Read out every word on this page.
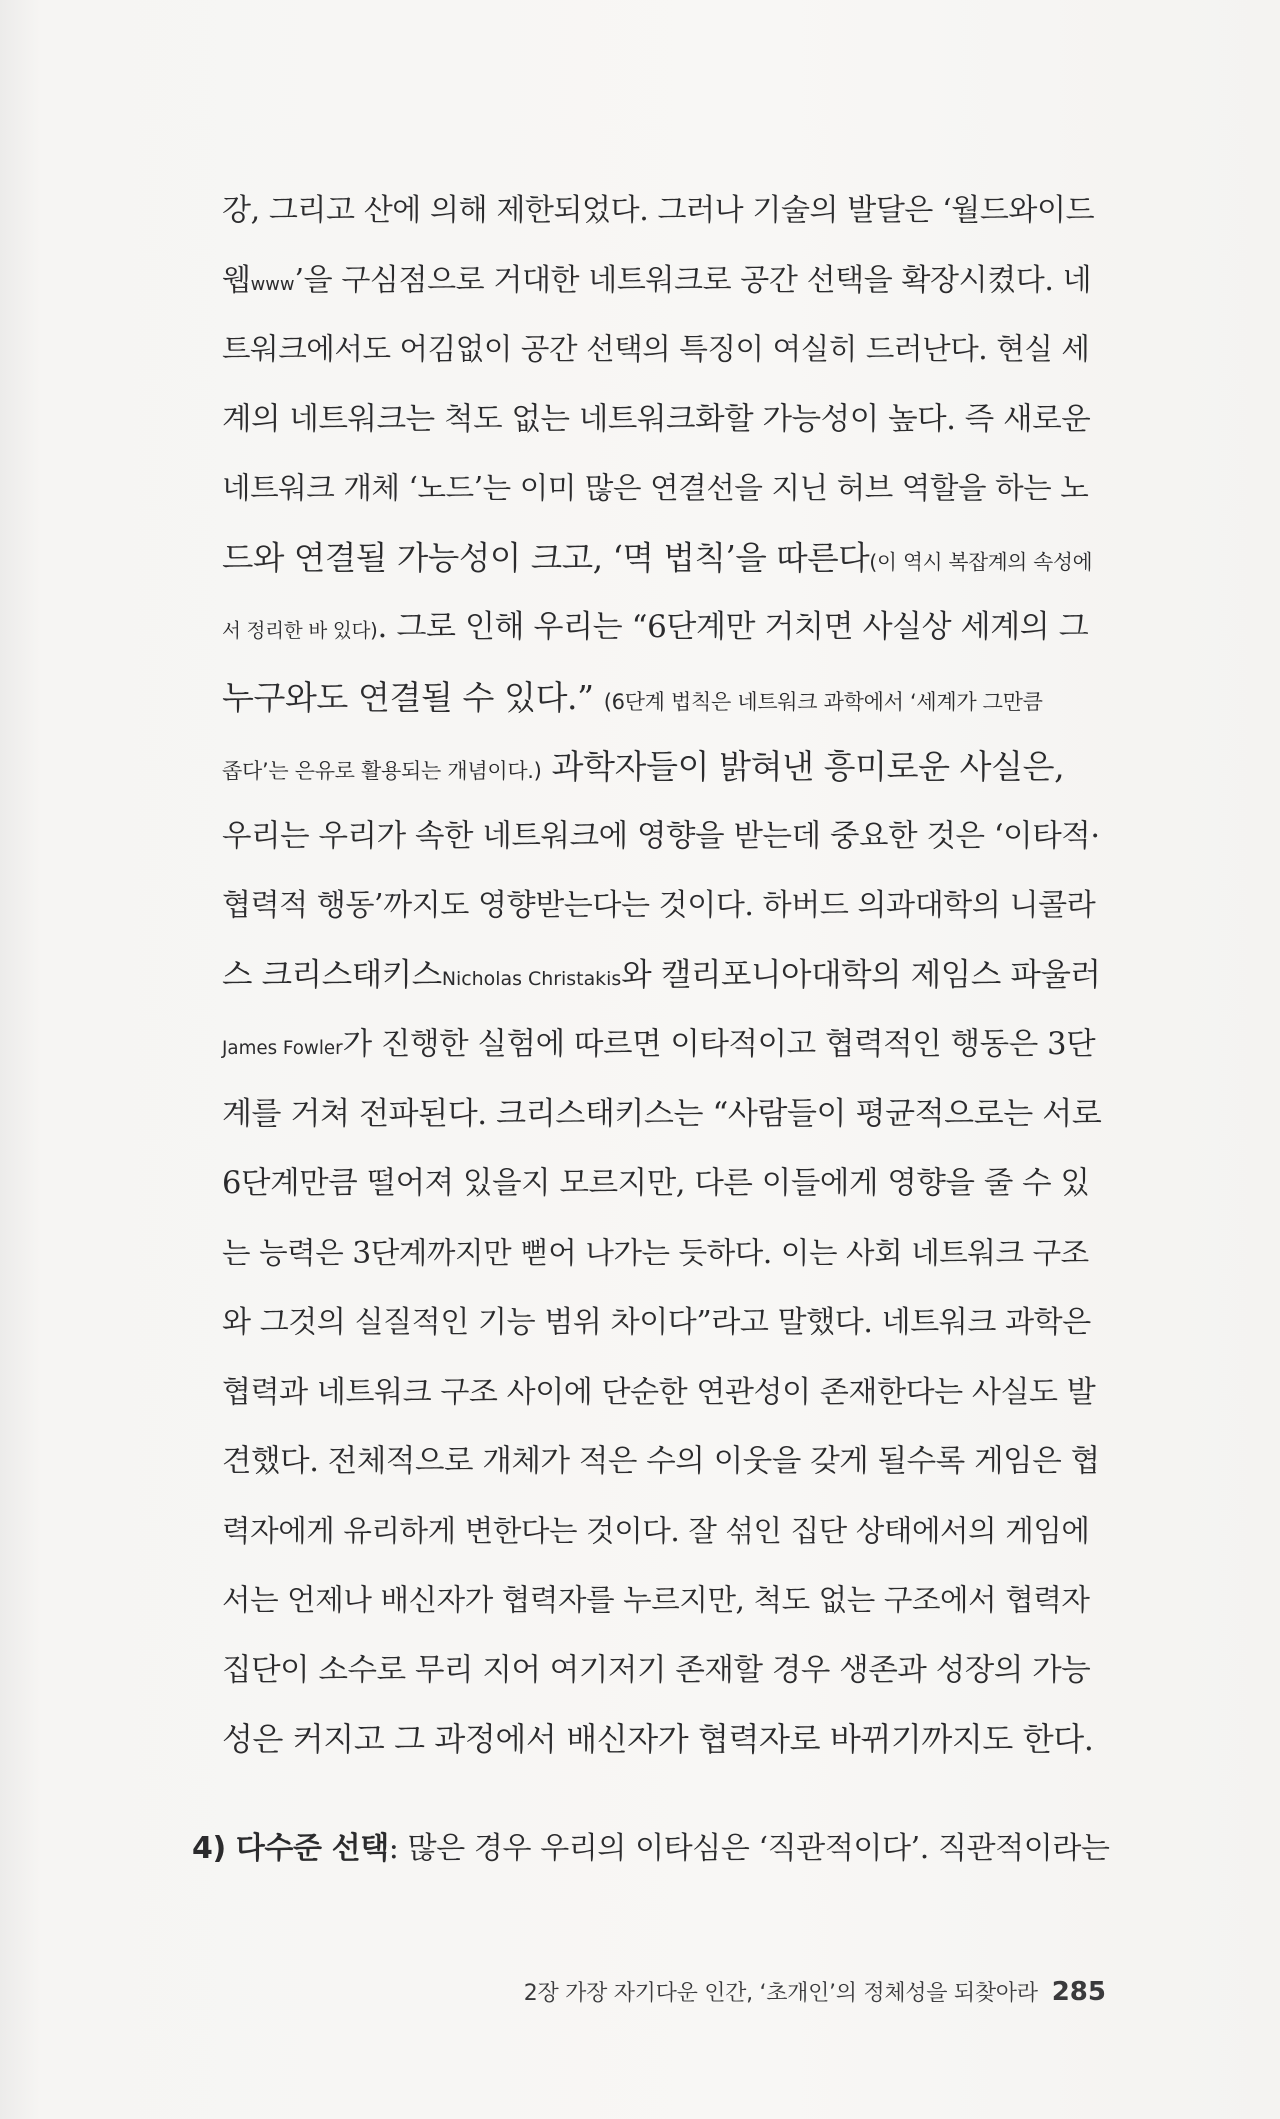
강, 그리고 산에 의해 제한되었다. 그러나 기술의 발달은 ‘월드와이드
웹www’을 구심점으로 거대한 네트워크로 공간 선택을 확장시켰다. 네
트워크에서도 어김없이 공간 선택의 특징이 여실히 드러난다. 현실 세
계의 네트워크는 척도 없는 네트워크화할 가능성이 높다. 즉 새로운
네트워크 개체 ‘노드’는 이미 많은 연결선을 지닌 허브 역할을 하는 노
드와 연결될 가능성이 크고, ‘멱 법칙’을 따른다(이 역시 복잡계의 속성에
서 정리한 바 있다). 그로 인해 우리는 “6단계만 거치면 사실상 세계의 그
누구와도 연결될 수 있다.” (6단계 법칙은 네트워크 과학에서 ‘세계가 그만큼
좁다’는 은유로 활용되는 개념이다.) 과학자들이 밝혀낸 흥미로운 사실은,
우리는 우리가 속한 네트워크에 영향을 받는데 중요한 것은 ‘이타적·
협력적 행동’까지도 영향받는다는 것이다. 하버드 의과대학의 니콜라
스 크리스태키스Nicholas Christakis와 캘리포니아대학의 제임스 파울러
James Fowler가 진행한 실험에 따르면 이타적이고 협력적인 행동은 3단
계를 거쳐 전파된다. 크리스태키스는 “사람들이 평균적으로는 서로
6단계만큼 떨어져 있을지 모르지만, 다른 이들에게 영향을 줄 수 있
는 능력은 3단계까지만 뻗어 나가는 듯하다. 이는 사회 네트워크 구조
와 그것의 실질적인 기능 범위 차이다”라고 말했다. 네트워크 과학은
협력과 네트워크 구조 사이에 단순한 연관성이 존재한다는 사실도 발
견했다. 전체적으로 개체가 적은 수의 이웃을 갖게 될수록 게임은 협
력자에게 유리하게 변한다는 것이다. 잘 섞인 집단 상태에서의 게임에
서는 언제나 배신자가 협력자를 누르지만, 척도 없는 구조에서 협력자
집단이 소수로 무리 지어 여기저기 존재할 경우 생존과 성장의 가능
성은 커지고 그 과정에서 배신자가 협력자로 바뀌기까지도 한다.
4) 다수준 선택: 많은 경우 우리의 이타심은 ‘직관적이다’. 직관적이라는
2장 가장 자기다운 인간, ‘초개인’의 정체성을 되찾아라 285
